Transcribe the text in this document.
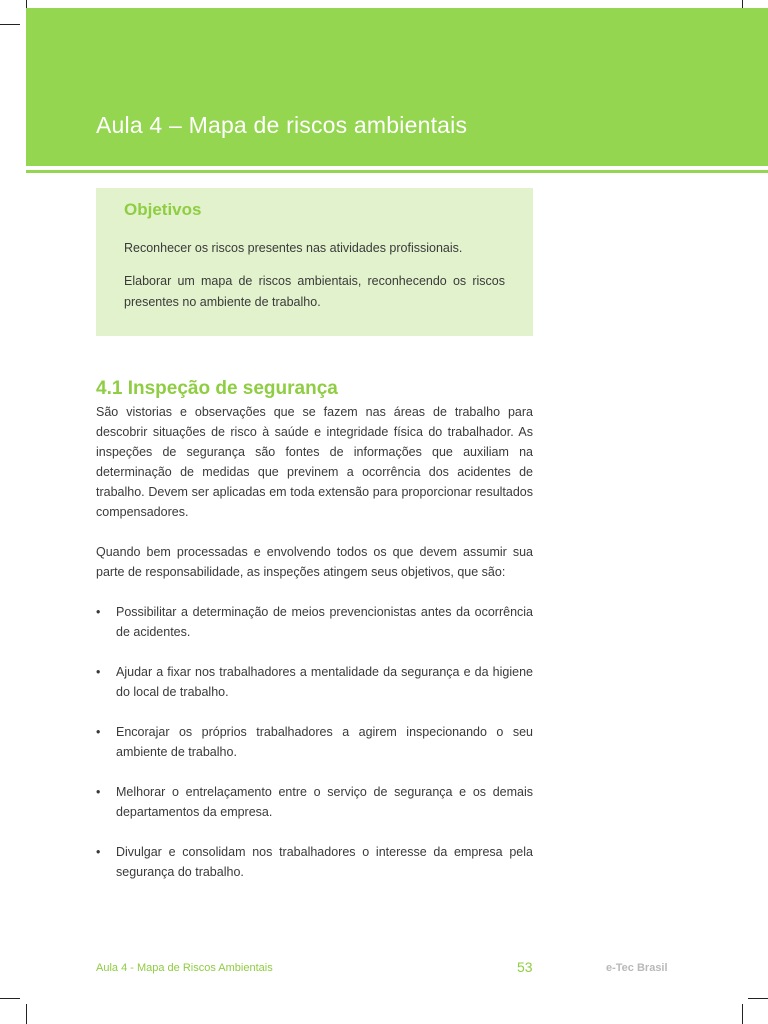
Aula 4 – Mapa de riscos ambientais
Objetivos

Reconhecer os riscos presentes nas atividades profissionais.

Elaborar um mapa de riscos ambientais, reconhecendo os riscos presentes no ambiente de trabalho.

4.1 Inspeção de segurança

São vistorias e observações que se fazem nas áreas de trabalho para descobrir situações de risco à saúde e integridade física do trabalhador. As inspeções de segurança são fontes de informações que auxiliam na determinação de medidas que previnem a ocorrência dos acidentes de trabalho. Devem ser aplicadas em toda extensão para proporcionar resultados compensadores.

Quando bem processadas e envolvendo todos os que devem assumir sua parte de responsabilidade, as inspeções atingem seus objetivos, que são:

• Possibilitar a determinação de meios prevencionistas antes da ocorrência de acidentes.
• Ajudar a fixar nos trabalhadores a mentalidade da segurança e da higiene do local de trabalho.
• Encorajar os próprios trabalhadores a agirem inspecionando o seu ambiente de trabalho.
• Melhorar o entrelaçamento entre o serviço de segurança e os demais departamentos da empresa.
• Divulgar e consolidam nos trabalhadores o interesse da empresa pela segurança do trabalho.
Aula 4 - Mapa de Riscos Ambientais	53	e-Tec Brasil
